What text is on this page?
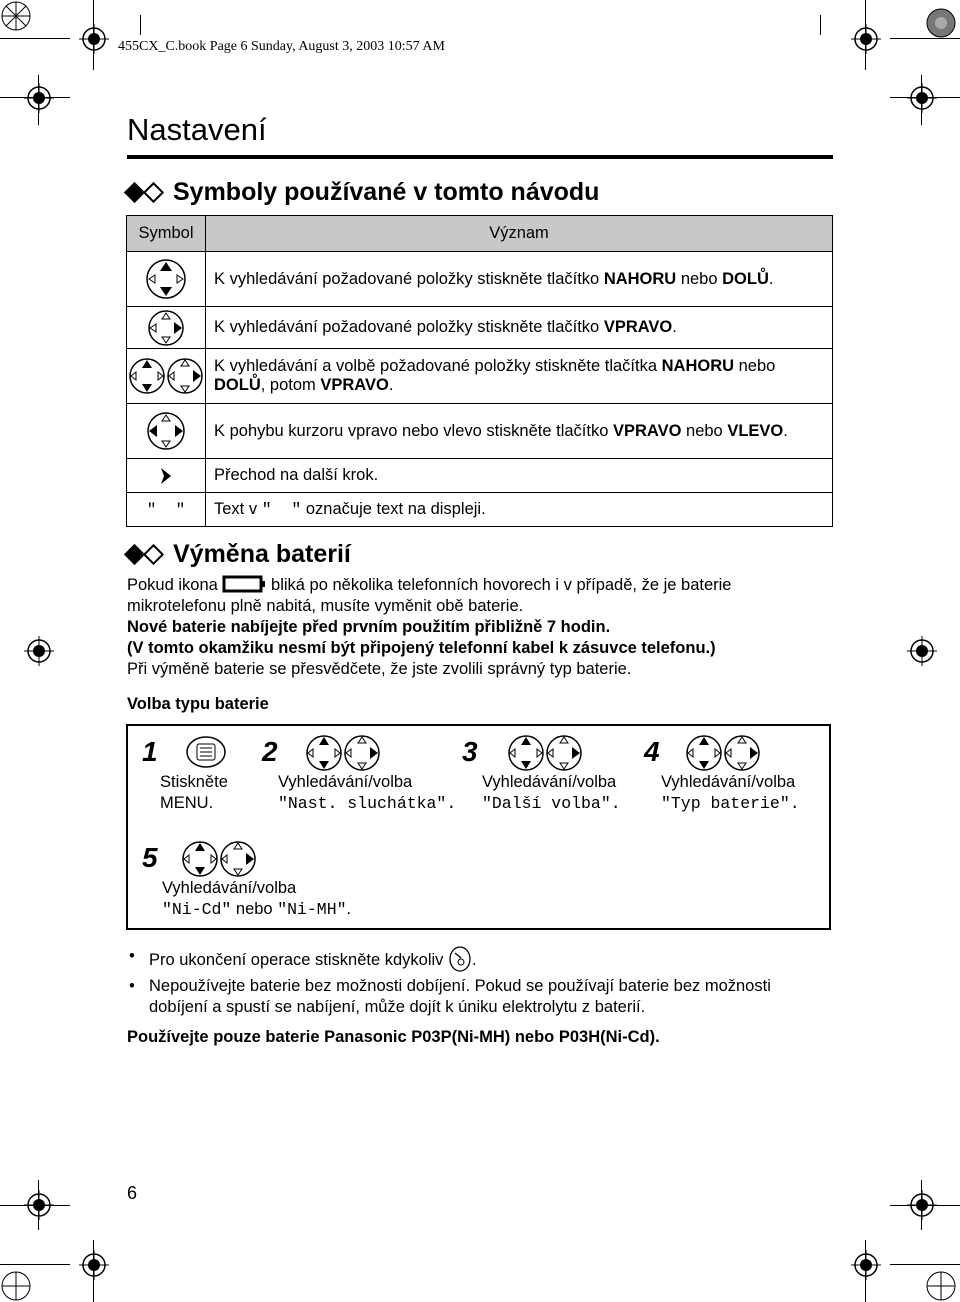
455CX_C.book Page 6 Sunday, August 3, 2003 10:57 AM
Nastavení
Symboly používané v tomto návodu
Symbol	Význam

	K vyhledávání požadované položky stiskněte tlačítko NAHORU nebo DOLŮ.

	K vyhledávání požadované položky stiskněte tlačítko VPRAVO.

	K vyhledávání a volbě požadované položky stiskněte tlačítka NAHORU nebo DOLŮ, potom VPRAVO.

	K pohybu kurzoru vpravo nebo vlevo stiskněte tlačítko VPRAVO nebo VLEVO.

	Přechod na další krok.
"  "	Text v "  " označuje text na displeji.
Výměna baterií
Pokud ikona	bliká po několika telefonních hovorech i v případě, že je baterie
mikrotelefonu plně nabitá, musíte vyměnit obě baterie.
Nové baterie nabíjejte před prvním použitím přibližně 7 hodin.
(V tomto okamžiku nesmí být připojený telefonní kabel k zásuvce telefonu.)
Při výměně baterie se přesvědčete, že jste zvolili správný typ baterie.
Volba typu baterie
1
Stiskněte
MENU.
2
Vyhledávání/volba
"Nast. sluchátka".
3
Vyhledávání/volba
"Další volba".
4
Vyhledávání/volba
"Typ baterie".
5
Vyhledávání/volba
"Ni-Cd" nebo "Ni-MH".
• Pro ukončení operace stiskněte kdykoliv .
• Nepoužívejte baterie bez možnosti dobíjení. Pokud se používají baterie bez možnosti
dobíjení a spustí se nabíjení, může dojít k úniku elektrolytu z baterií.
Používejte pouze baterie Panasonic P03P(Ni-MH) nebo P03H(Ni-Cd).
6
